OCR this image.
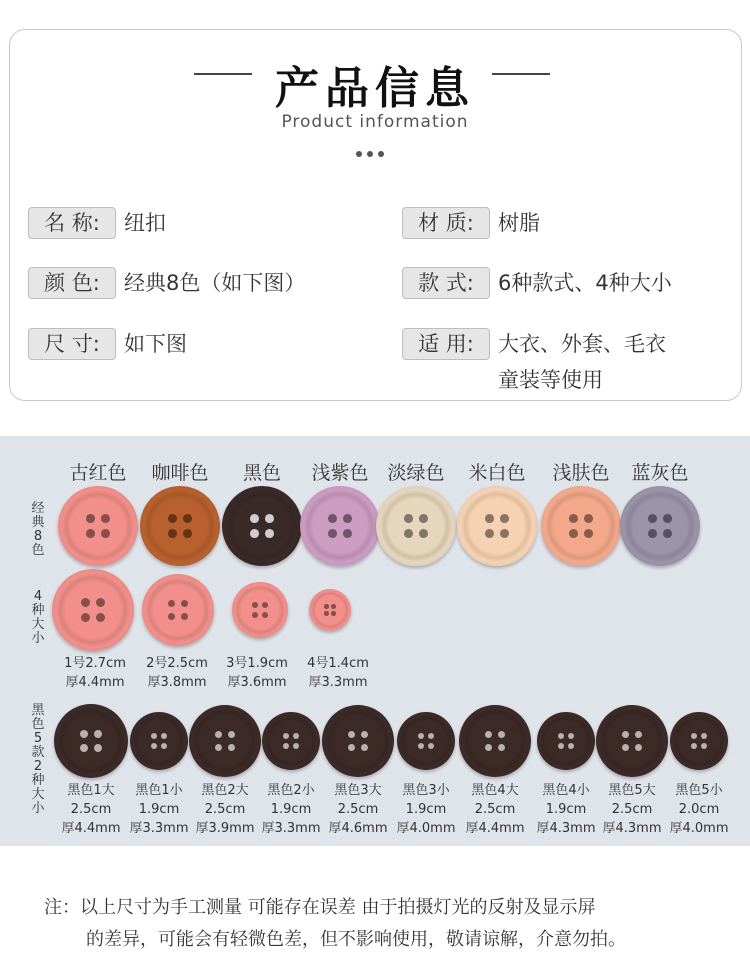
产品信息
Product information
名 称:	纽扣	材 质:	树脂
颜 色:	经典8色（如下图）	款 式:	6种款式、4种大小
尺 寸:	如下图	适 用:	大衣、外套、毛衣
童装等使用
古红色 咖啡色 黑色 浅紫色 淡绿色 米白色 浅肤色 蓝灰色
经
典
8
色
4
种
大
小
黑
色
5
款
2
种
大
小
1号2.7cm
厚4.4mm
2号2.5cm
厚3.8mm
3号1.9cm
厚3.6mm
4号1.4cm
厚3.3mm
黑色1大
2.5cm
厚4.4mm
黑色1小
1.9cm
厚3.3mm
黑色2大
2.5cm
厚3.9mm
黑色2小
1.9cm
厚3.3mm
黑色3大
2.5cm
厚4.6mm
黑色3小
1.9cm
厚4.0mm
黑色4大
2.5cm
厚4.4mm
黑色4小
1.9cm
厚4.3mm
黑色5大
2.5cm
厚4.3mm
黑色5小
2.0cm
厚4.0mm
注：以上尺寸为手工测量 可能存在误差 由于拍摄灯光的反射及显示屏
的差异，可能会有轻微色差，但不影响使用，敬请谅解，介意勿拍。
